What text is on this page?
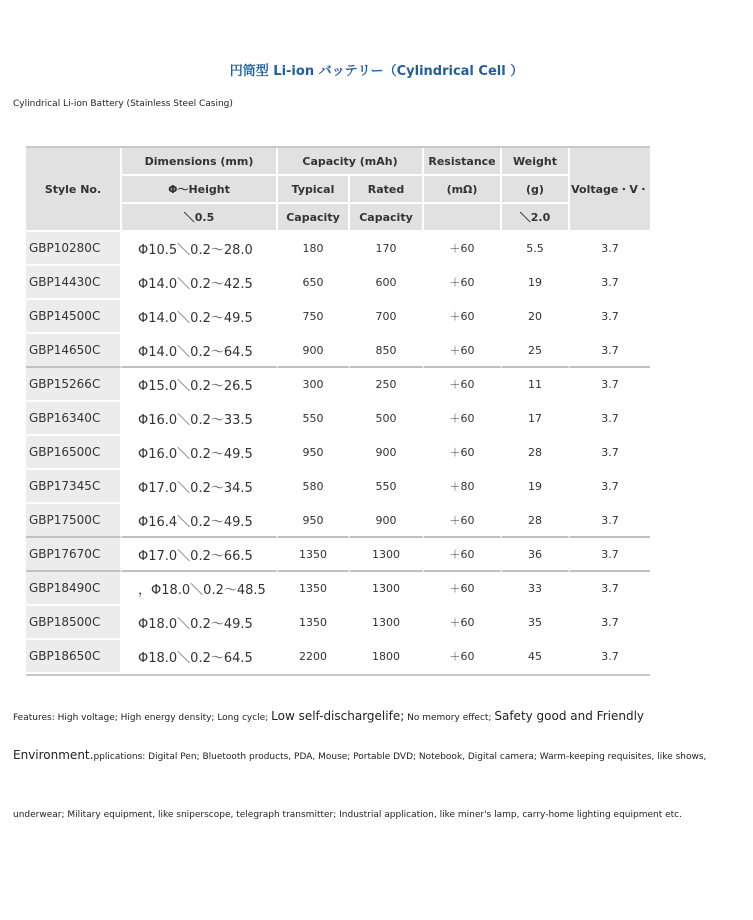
円筒型 Li-ion バッテリー（Cylindrical Cell ）
Cylindrical Li-ion Battery (Stainless Steel Casing)
Style No.	Dimensions (mm)	Capacity (mAh)		Resistance	Weight	Voltage・V・
	Φ～Height	Typical	Rated	(mΩ)	(g)	
	＼0.5	Capacity	Capacity		＼2.0	
GBP10280C	Φ10.5＼0.2～28.0	180	170	＋60	5.5	3.7
GBP14430C	Φ14.0＼0.2～42.5	650	600	＋60	19	3.7
GBP14500C	Φ14.0＼0.2～49.5	750	700	＋60	20	3.7
GBP14650C	Φ14.0＼0.2～64.5	900	850	＋60	25	3.7
GBP15266C	Φ15.0＼0.2～26.5	300	250	＋60	11	3.7
GBP16340C	Φ16.0＼0.2～33.5	550	500	＋60	17	3.7
GBP16500C	Φ16.0＼0.2～49.5	950	900	＋60	28	3.7
GBP17345C	Φ17.0＼0.2～34.5	580	550	＋80	19	3.7
GBP17500C	Φ16.4＼0.2～49.5	950	900	＋60	28	3.7
GBP17670C	Φ17.0＼0.2～66.5	1350	1300	＋60	36	3.7
GBP18490C	，Φ18.0＼0.2～48.5	1350	1300	＋60	33	3.7
GBP18500C	Φ18.0＼0.2～49.5	1350	1300	＋60	35	3.7
GBP18650C	Φ18.0＼0.2～64.5	2200	1800	＋60	45	3.7
Features: High voltage; High energy density; Long cycle; Low self-dischargelife; No memory effect; Safety good and Friendly
Environment.pplications: Digital Pen; Bluetooth products, PDA, Mouse; Portable DVD; Notebook, Digital camera; Warm-keeping requisites, like shows,
underwear; Military equipment, like sniperscope, telegraph transmitter; Industrial application, like miner's lamp, carry-home lighting equipment etc.
